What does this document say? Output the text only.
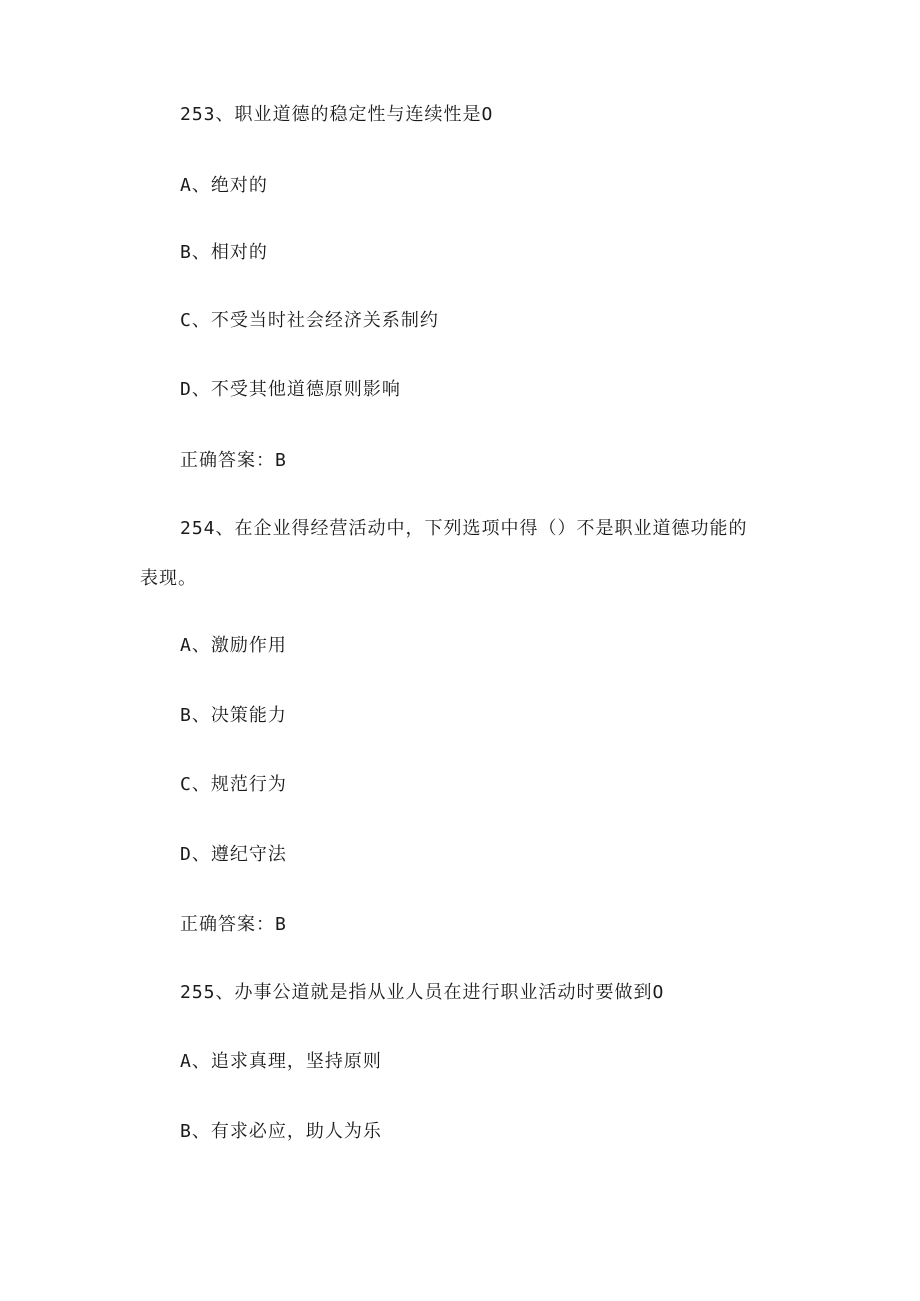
253、职业道德的稳定性与连续性是O
A、绝对的
B、相对的
C、不受当时社会经济关系制约
D、不受其他道德原则影响
正确答案：B
254、在企业得经营活动中，下列选项中得（）不是职业道德功能的
表现。
A、激励作用
B、决策能力
C、规范行为
D、遵纪守法
正确答案：B
255、办事公道就是指从业人员在进行职业活动时要做到O
A、追求真理，坚持原则
B、有求必应，助人为乐
